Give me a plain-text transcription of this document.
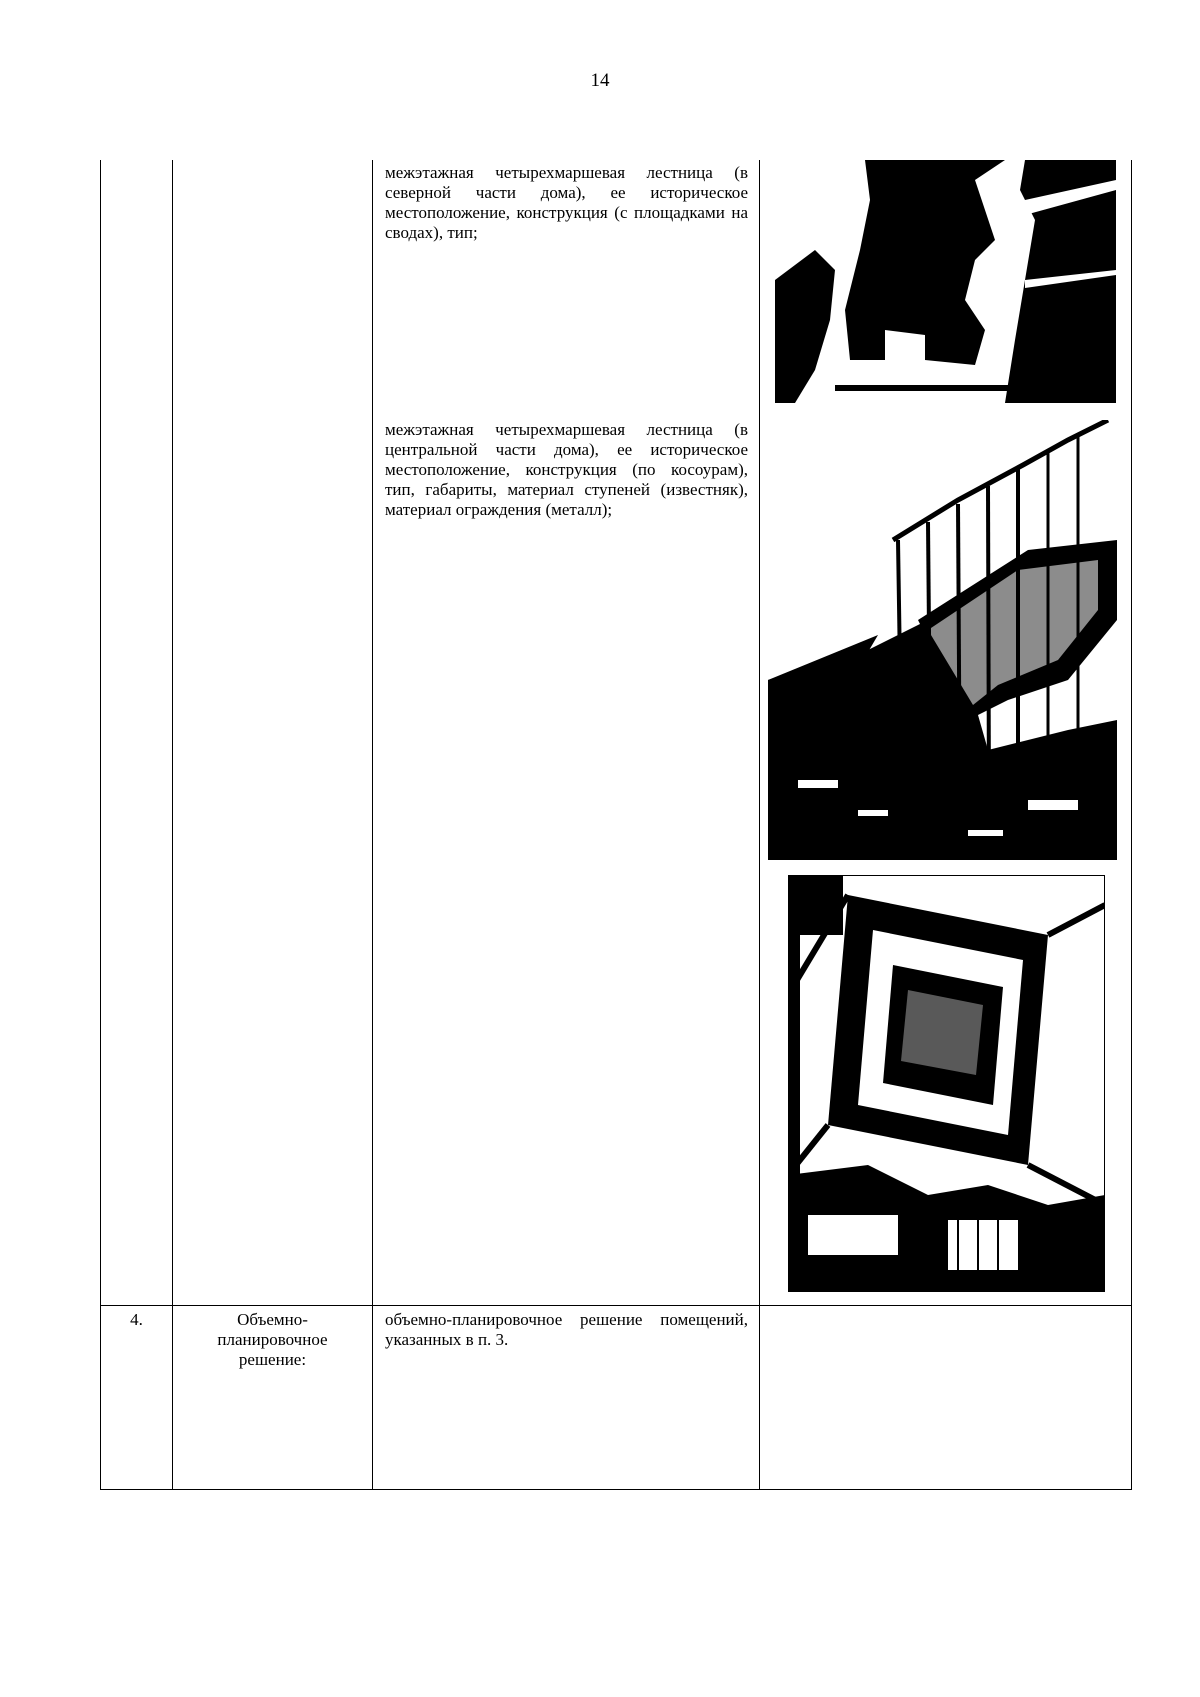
14
межэтажная четырехмаршевая лестница (в северной части дома), ее историческое местоположение, конструкция (с площадками на сводах), тип;
межэтажная четырехмаршевая лестница (в центральной части дома), ее историческое местоположение, конструкция (по косоурам), тип, габариты, материал ступеней (известняк), материал ограждения (металл);
4.	Объемно-планировочное решение:
объемно-планировочное решение помещений, указанных в п. 3.
